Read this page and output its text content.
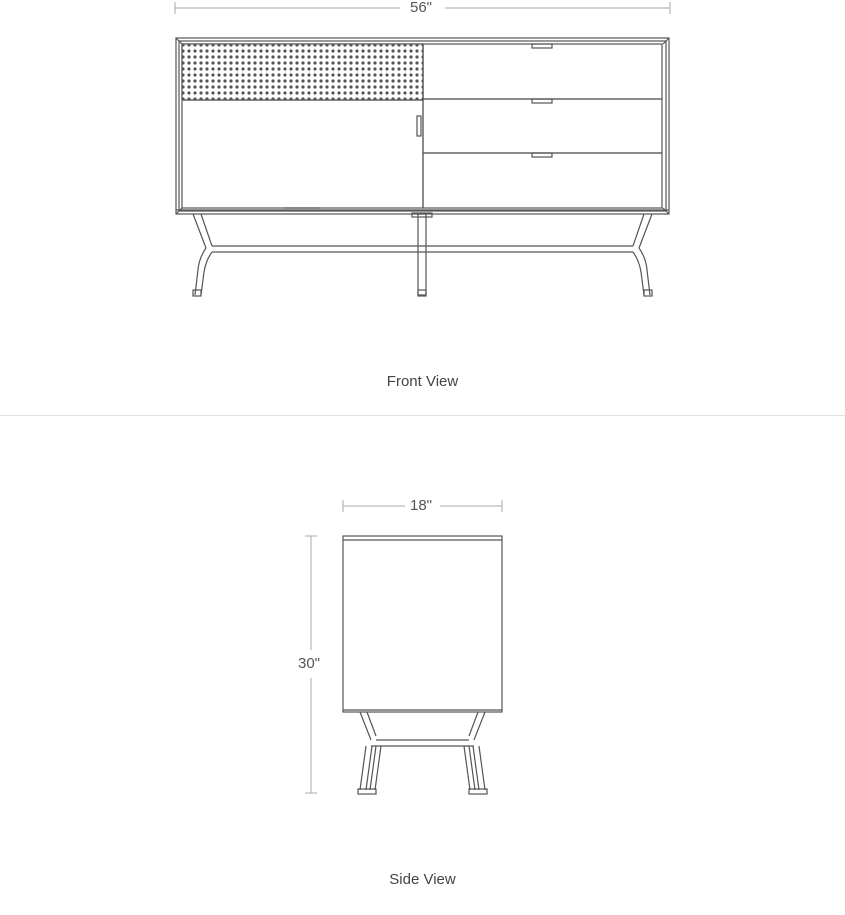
56"
Front View
18"
30"
Side View
